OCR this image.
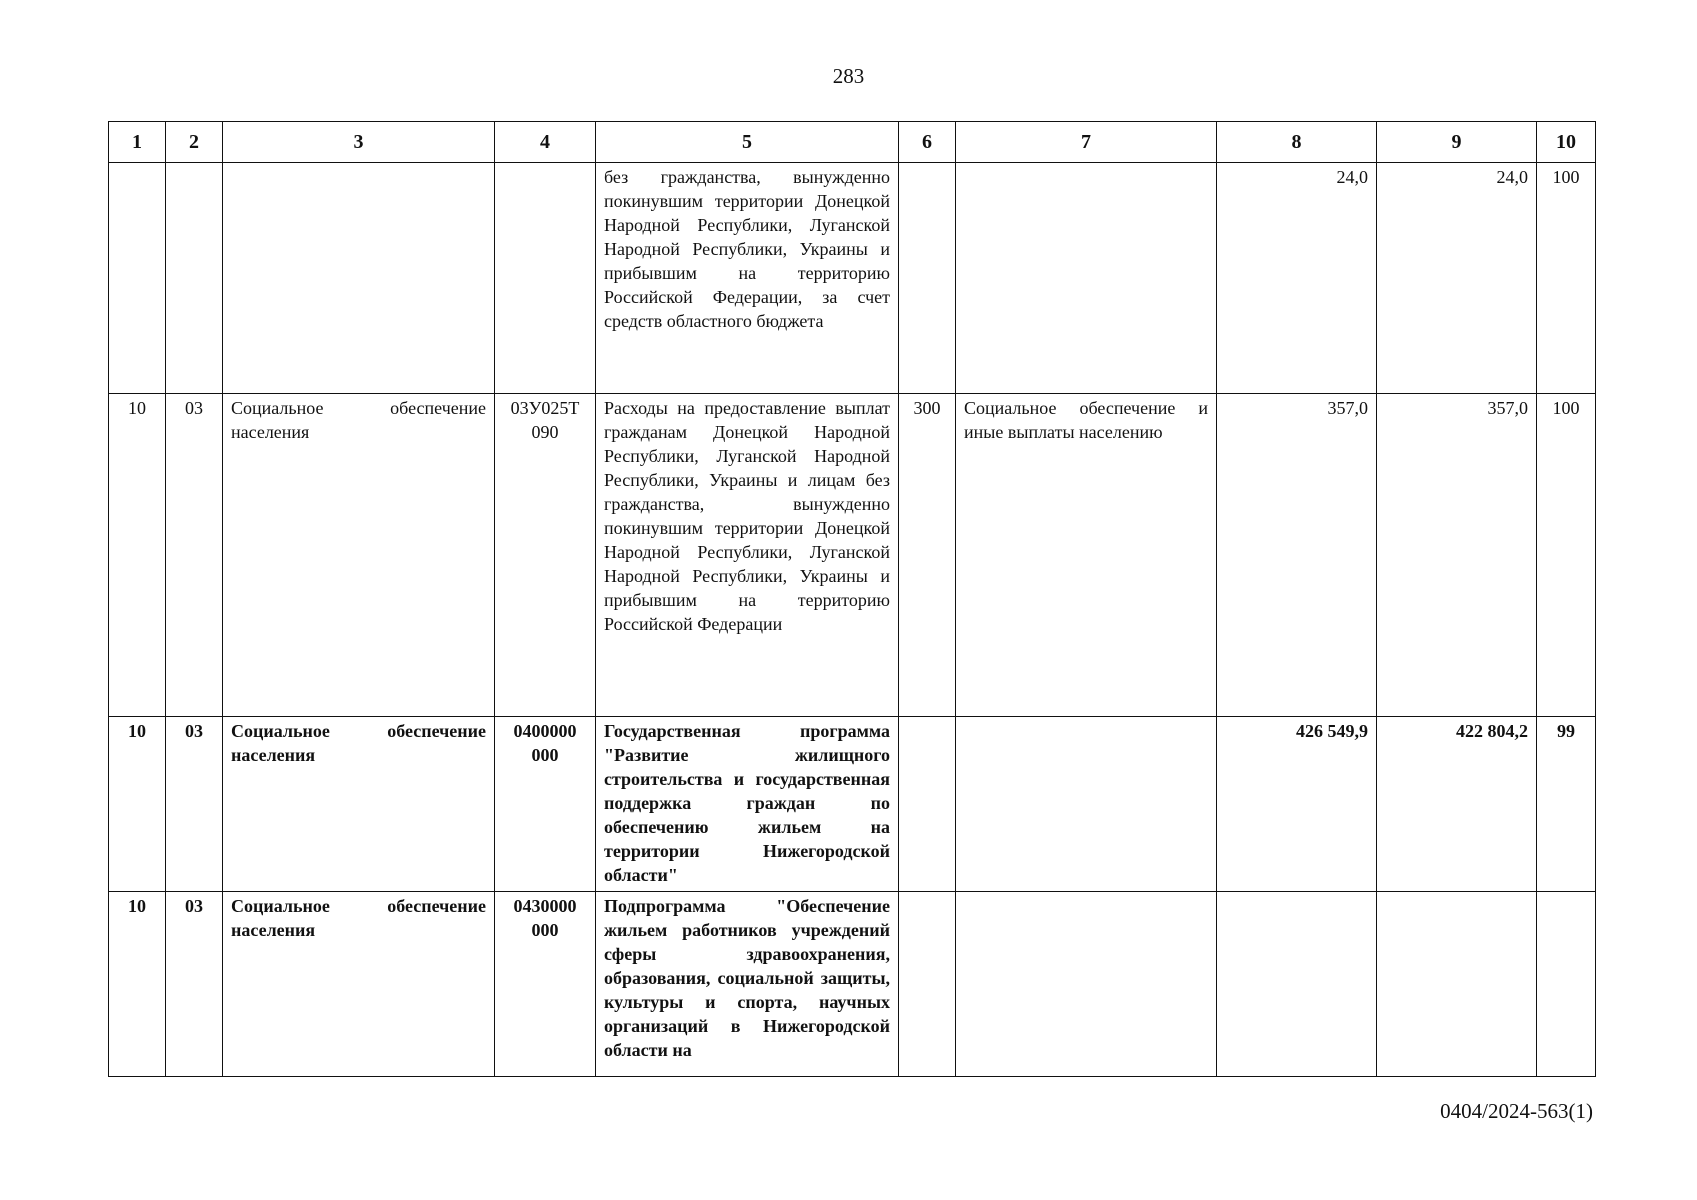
283
1	2	3	4	5	6	7	8	9	10
				без гражданства, вынужденно покинувшим территории Донецкой Народной Республики, Луганской Народной Республики, Украины и прибывшим на территорию Российской Федерации, за счет средств областного бюджета			24,0	24,0	100
10	03	Социальное обеспечение населения	03У025Т 090	Расходы на предоставление выплат гражданам Донецкой Народной Республики, Луганской Народной Республики, Украины и лицам без гражданства, вынужденно покинувшим территории Донецкой Народной Республики, Луганской Народной Республики, Украины и прибывшим на территорию Российской Федерации	300	Социальное обеспечение и иные выплаты населению	357,0	357,0	100
10	03	Социальное обеспечение населения	0400000 000	Государственная программа "Развитие жилищного строительства и государственная поддержка граждан по обеспечению жильем на территории Нижегородской области"			426 549,9	422 804,2	99
10	03	Социальное обеспечение населения	0430000 000	Подпрограмма "Обеспечение жильем работников учреждений сферы здравоохранения, образования, социальной защиты, культуры и спорта, научных организаций в Нижегородской области на					
0404/2024-563(1)
